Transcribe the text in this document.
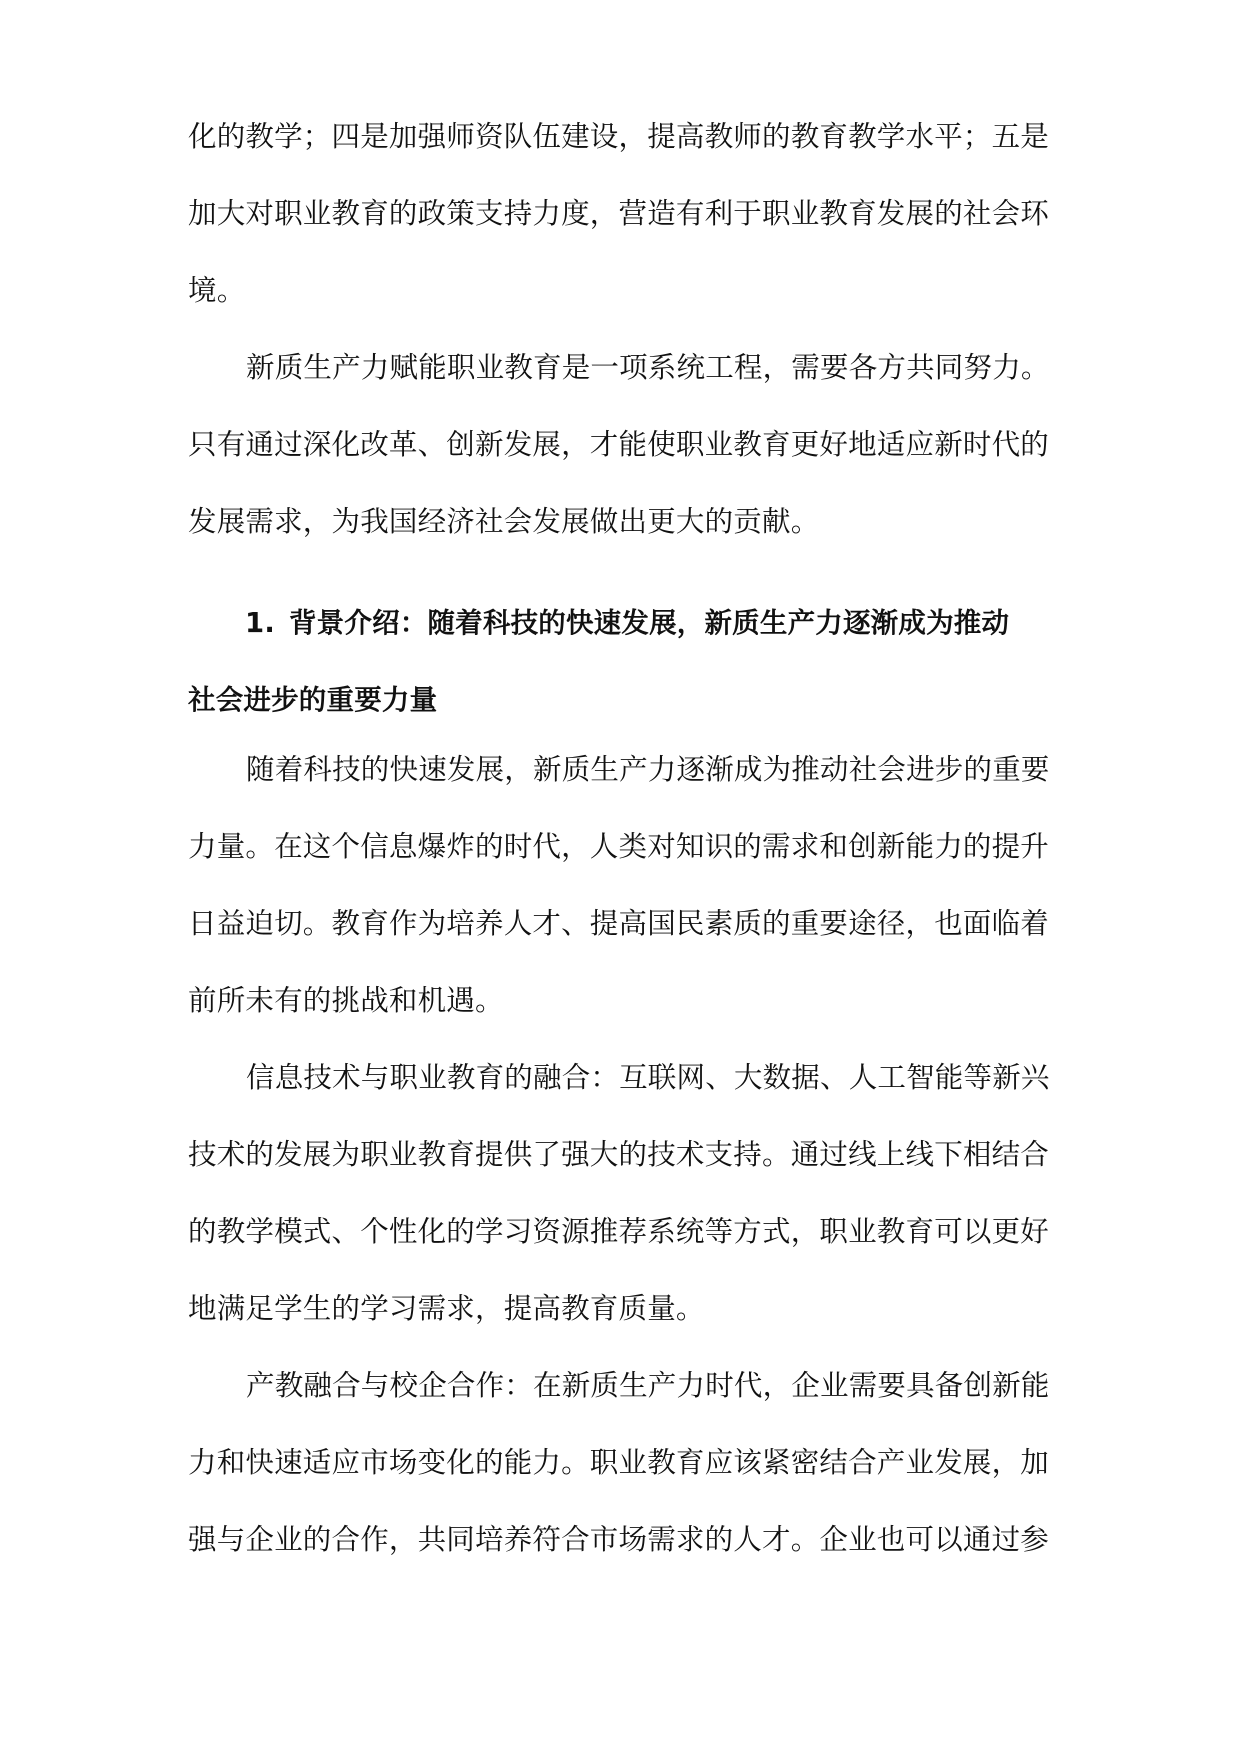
化的教学；四是加强师资队伍建设，提高教师的教育教学水平；五是
加大对职业教育的政策支持力度，营造有利于职业教育发展的社会环
境。
新质生产力赋能职业教育是一项系统工程，需要各方共同努力。
只有通过深化改革、创新发展，才能使职业教育更好地适应新时代的
发展需求，为我国经济社会发展做出更大的贡献。
1. 背景介绍：随着科技的快速发展，新质生产力逐渐成为推动
社会进步的重要力量
随着科技的快速发展，新质生产力逐渐成为推动社会进步的重要
力量。在这个信息爆炸的时代，人类对知识的需求和创新能力的提升
日益迫切。教育作为培养人才、提高国民素质的重要途径，也面临着
前所未有的挑战和机遇。
信息技术与职业教育的融合：互联网、大数据、人工智能等新兴
技术的发展为职业教育提供了强大的技术支持。通过线上线下相结合
的教学模式、个性化的学习资源推荐系统等方式，职业教育可以更好
地满足学生的学习需求，提高教育质量。
产教融合与校企合作：在新质生产力时代，企业需要具备创新能
力和快速适应市场变化的能力。职业教育应该紧密结合产业发展，加
强与企业的合作，共同培养符合市场需求的人才。企业也可以通过参
